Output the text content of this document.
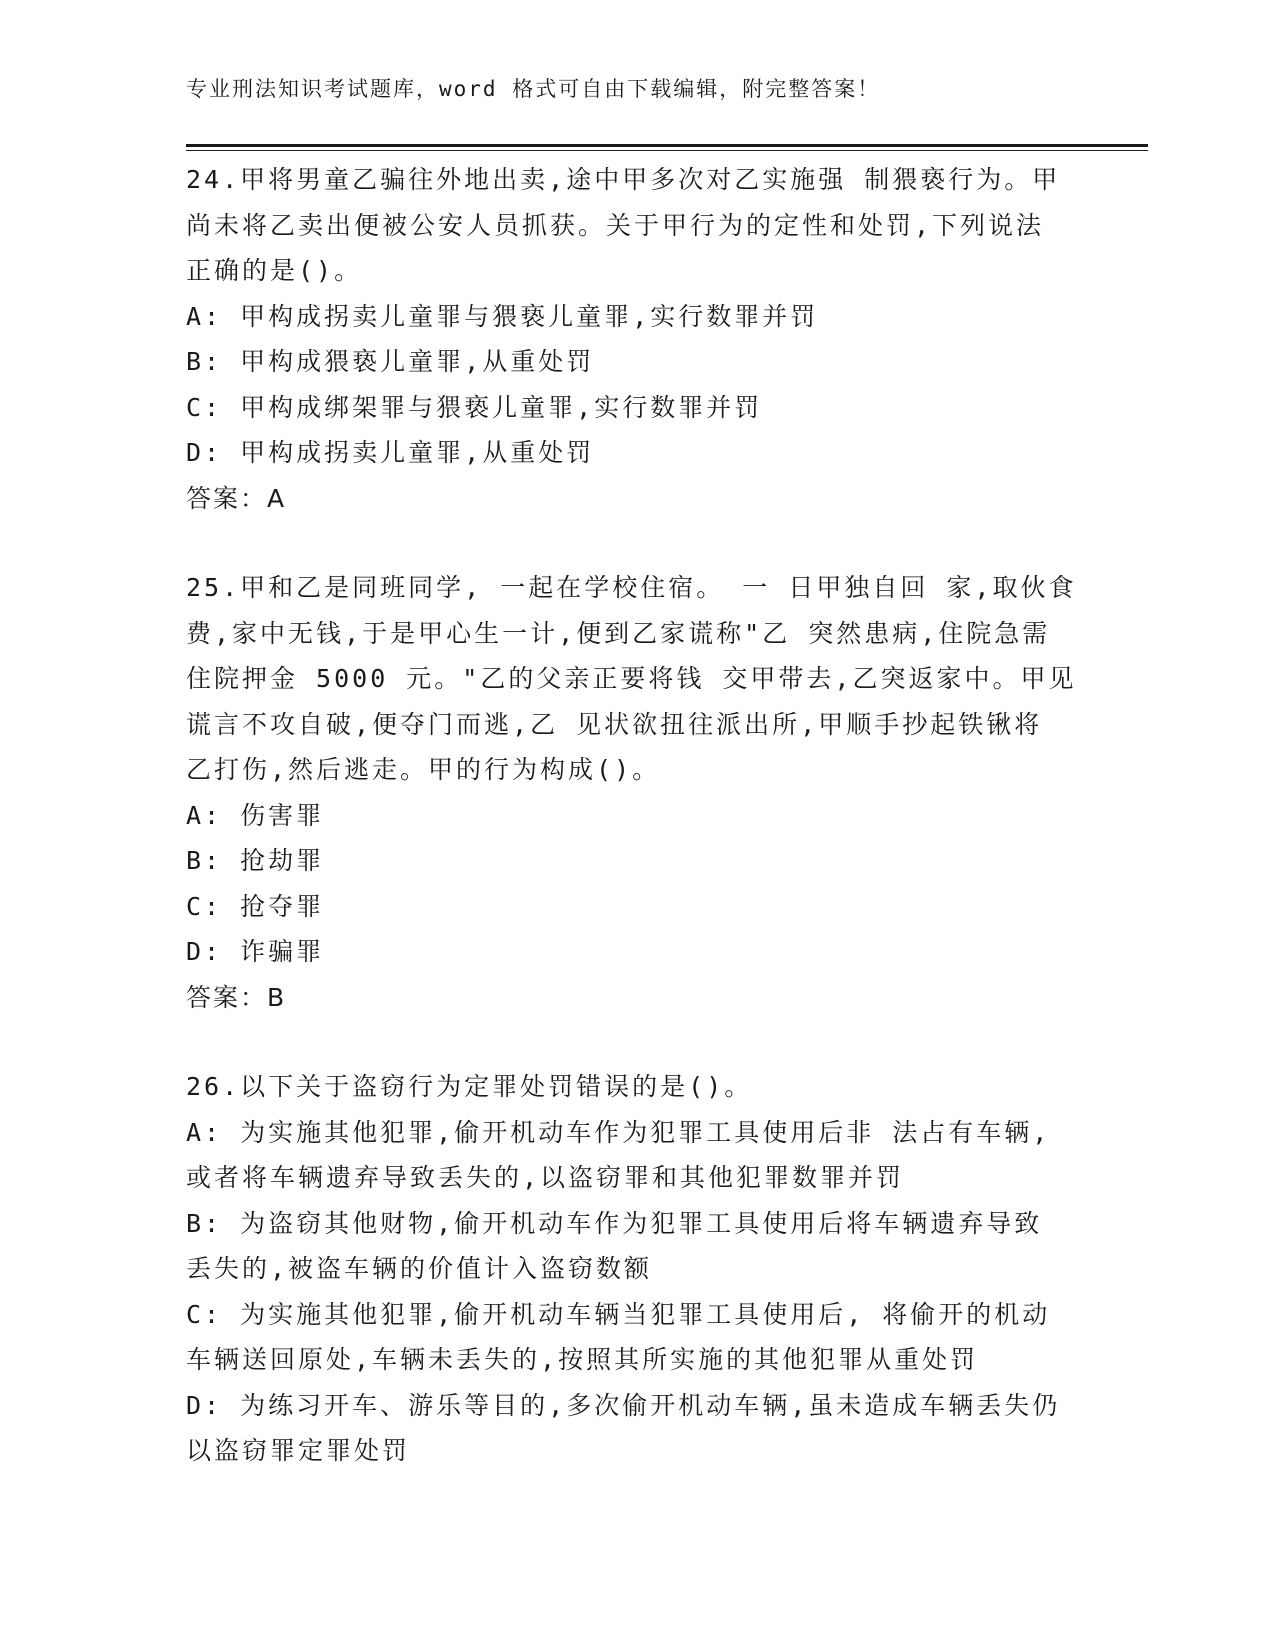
专业刑法知识考试题库，word 格式可自由下载编辑，附完整答案！
24.甲将男童乙骗往外地出卖,途中甲多次对乙实施强 制猥亵行为。甲
尚未将乙卖出便被公安人员抓获。关于甲行为的定性和处罚,下列说法
正确的是()。
A: 甲构成拐卖儿童罪与猥亵儿童罪,实行数罪并罚
B: 甲构成猥亵儿童罪,从重处罚
C: 甲构成绑架罪与猥亵儿童罪,实行数罪并罚
D: 甲构成拐卖儿童罪,从重处罚
答案：A
25.甲和乙是同班同学, 一起在学校住宿。 一 日甲独自回 家,取伙食
费,家中无钱,于是甲心生一计,便到乙家谎称"乙 突然患病,住院急需
住院押金 5000 元。"乙的父亲正要将钱 交甲带去,乙突返家中。甲见
谎言不攻自破,便夺门而逃,乙 见状欲扭往派出所,甲顺手抄起铁锹将
乙打伤,然后逃走。甲的行为构成()。
A: 伤害罪
B: 抢劫罪
C: 抢夺罪
D: 诈骗罪
答案：B
26.以下关于盗窃行为定罪处罚错误的是()。
A: 为实施其他犯罪,偷开机动车作为犯罪工具使用后非 法占有车辆,
或者将车辆遗弃导致丢失的,以盗窃罪和其他犯罪数罪并罚
B: 为盗窃其他财物,偷开机动车作为犯罪工具使用后将车辆遗弃导致
丢失的,被盗车辆的价值计入盗窃数额
C: 为实施其他犯罪,偷开机动车辆当犯罪工具使用后, 将偷开的机动
车辆送回原处,车辆未丢失的,按照其所实施的其他犯罪从重处罚
D: 为练习开车、游乐等目的,多次偷开机动车辆,虽未造成车辆丢失仍
以盗窃罪定罪处罚
